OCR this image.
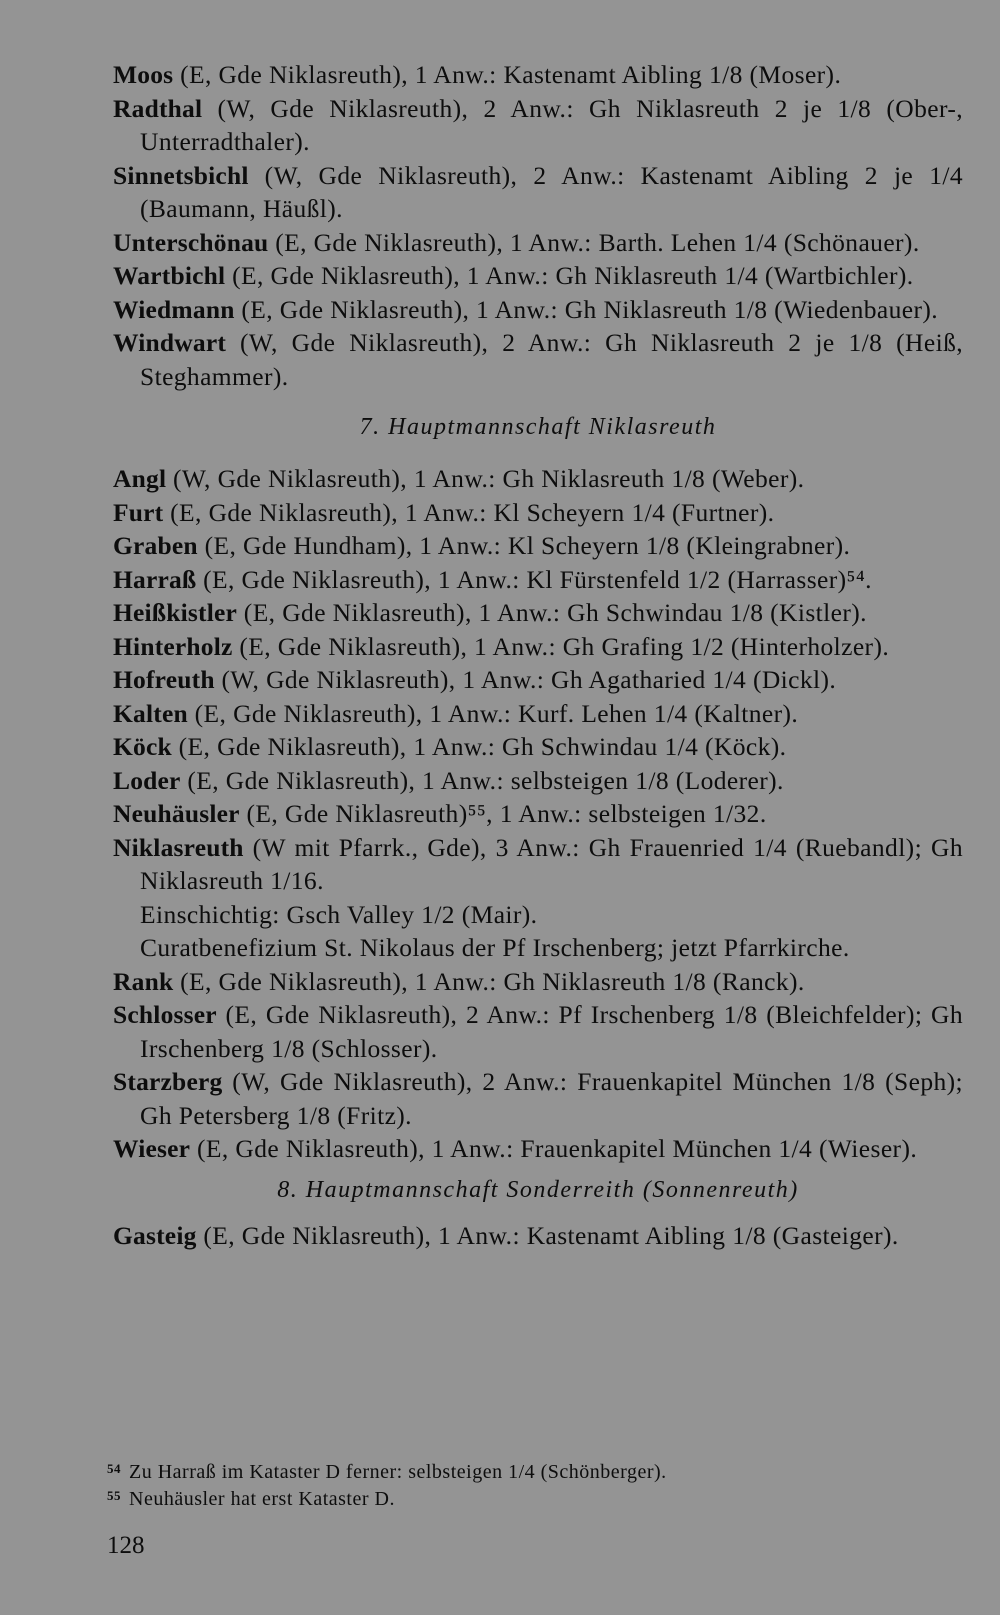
Moos (E, Gde Niklasreuth), 1 Anw.: Kastenamt Aibling 1/8 (Moser).
Radthal (W, Gde Niklasreuth), 2 Anw.: Gh Niklasreuth 2 je 1/8 (Ober-, Unterradthaler).
Sinnetsbichl (W, Gde Niklasreuth), 2 Anw.: Kastenamt Aibling 2 je 1/4 (Baumann, Häußl).
Unterschönau (E, Gde Niklasreuth), 1 Anw.: Barth. Lehen 1/4 (Schönauer).
Wartbichl (E, Gde Niklasreuth), 1 Anw.: Gh Niklasreuth 1/4 (Wartbichler).
Wiedmann (E, Gde Niklasreuth), 1 Anw.: Gh Niklasreuth 1/8 (Wiedenbauer).
Windwart (W, Gde Niklasreuth), 2 Anw.: Gh Niklasreuth 2 je 1/8 (Heiß, Steghammer).
7. Hauptmannschaft Niklasreuth
Angl (W, Gde Niklasreuth), 1 Anw.: Gh Niklasreuth 1/8 (Weber).
Furt (E, Gde Niklasreuth), 1 Anw.: Kl Scheyern 1/4 (Furtner).
Graben (E, Gde Hundham), 1 Anw.: Kl Scheyern 1/8 (Kleingrabner).
Harraß (E, Gde Niklasreuth), 1 Anw.: Kl Fürstenfeld 1/2 (Harrasser)⁵⁴.
Heißkistler (E, Gde Niklasreuth), 1 Anw.: Gh Schwindau 1/8 (Kistler).
Hinterholz (E, Gde Niklasreuth), 1 Anw.: Gh Grafing 1/2 (Hinterholzer).
Hofreuth (W, Gde Niklasreuth), 1 Anw.: Gh Agatharied 1/4 (Dickl).
Kalten (E, Gde Niklasreuth), 1 Anw.: Kurf. Lehen 1/4 (Kaltner).
Köck (E, Gde Niklasreuth), 1 Anw.: Gh Schwindau 1/4 (Köck).
Loder (E, Gde Niklasreuth), 1 Anw.: selbsteigen 1/8 (Loderer).
Neuhäusler (E, Gde Niklasreuth)⁵⁵, 1 Anw.: selbsteigen 1/32.
Niklasreuth (W mit Pfarrk., Gde), 3 Anw.: Gh Frauenried 1/4 (Ruebandl); Gh Niklasreuth 1/16.
Einschichtig: Gsch Valley 1/2 (Mair).
Curatbenefizium St. Nikolaus der Pf Irschenberg; jetzt Pfarrkirche.
Rank (E, Gde Niklasreuth), 1 Anw.: Gh Niklasreuth 1/8 (Ranck).
Schlosser (E, Gde Niklasreuth), 2 Anw.: Pf Irschenberg 1/8 (Bleichfelder); Gh Irschenberg 1/8 (Schlosser).
Starzberg (W, Gde Niklasreuth), 2 Anw.: Frauenkapitel München 1/8 (Seph); Gh Petersberg 1/8 (Fritz).
Wieser (E, Gde Niklasreuth), 1 Anw.: Frauenkapitel München 1/4 (Wieser).
8. Hauptmannschaft Sonderreith (Sonnenreuth)
Gasteig (E, Gde Niklasreuth), 1 Anw.: Kastenamt Aibling 1/8 (Gasteiger).
$^{54}$ Zu Harraß im Kataster D ferner: selbsteigen 1/4 (Schönberger).
$^{55}$ Neuhäusler hat erst Kataster D.
128
